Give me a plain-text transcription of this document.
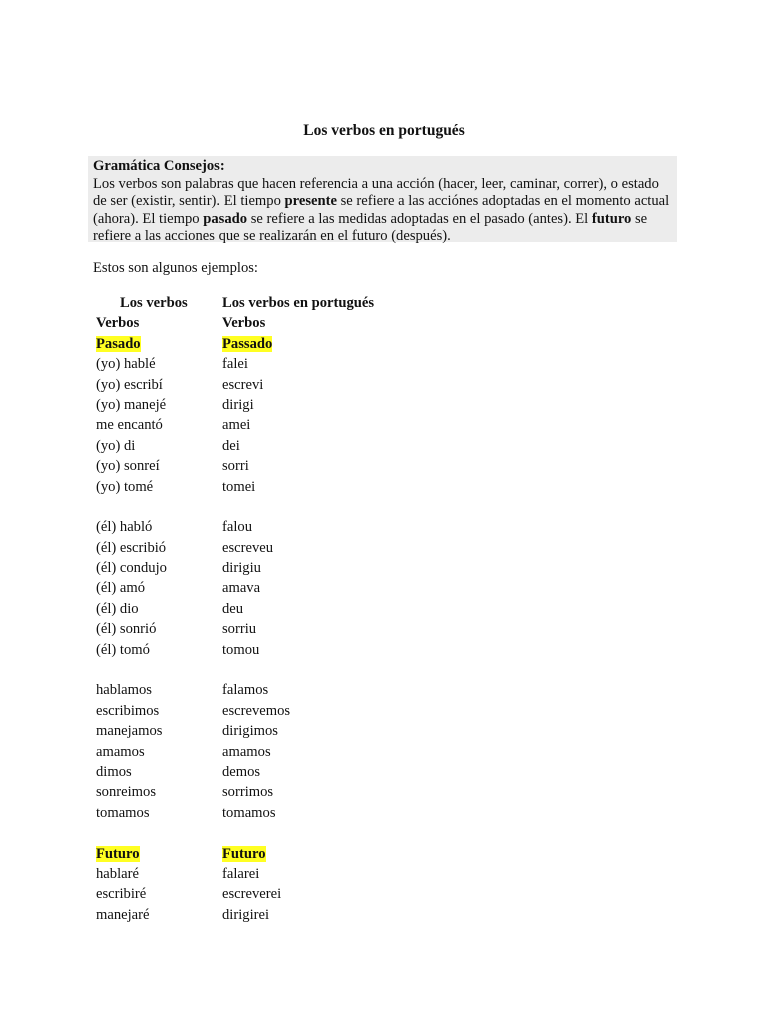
Los verbos en portugués
Gramática Consejos:
Los verbos son palabras que hacen referencia a una acción (hacer, leer, caminar, correr), o estado de ser (existir, sentir). El tiempo presente se refiere a las acciónes adoptadas en el momento actual (ahora). El tiempo pasado se refiere a las medidas adoptadas en el pasado (antes). El futuro se refiere a las acciones que se realizarán en el futuro (después).
Estos son algunos ejemplos:
Los verbos	Los verbos en portugués
Verbos	Verbos
Pasado	Passado
(yo) hablé	falei
(yo) escribí	escrevi
(yo) manejé	dirigi
me encantó	amei
(yo) di	dei
(yo) sonreí	sorri
(yo) tomé	tomei
(él) habló	falou
(él) escribió	escreveu
(él) condujo	dirigiu
(él) amó	amava
(él) dio	deu
(él) sonrió	sorriu
(él) tomó	tomou
hablamos	falamos
escribimos	escrevemos
manejamos	dirigimos
amamos	amamos
dimos	demos
sonreimos	sorrimos
tomamos	tomamos
Futuro	Futuro
hablaré	falarei
escribiré	escreverei
manejaré	dirigirei
